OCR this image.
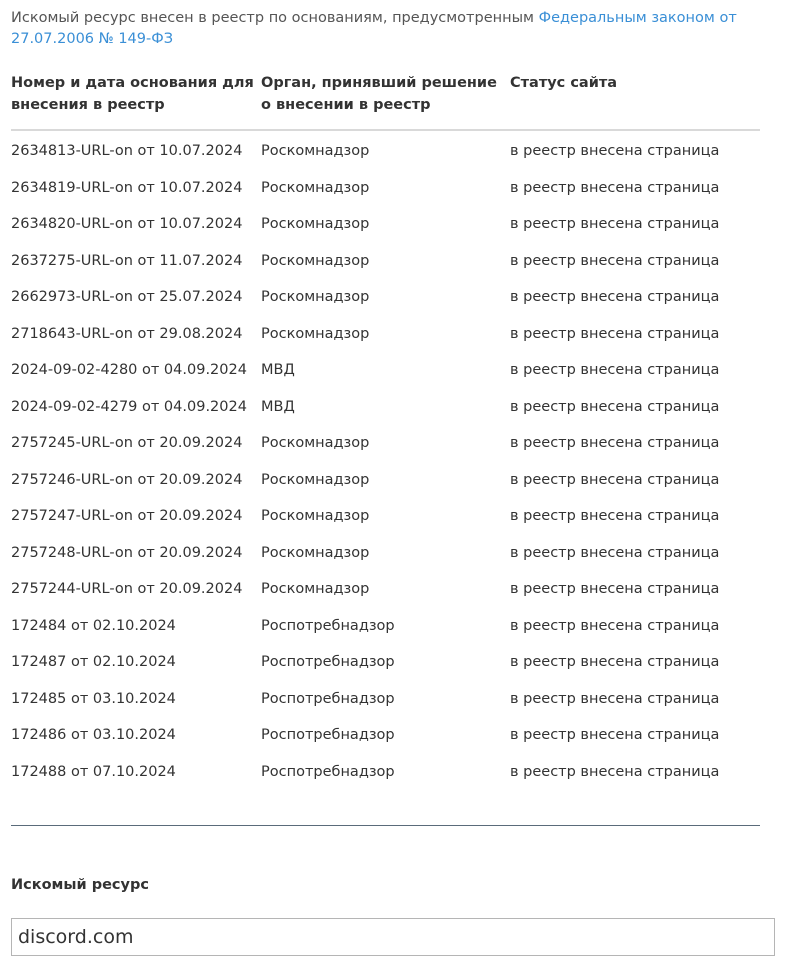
Искомый ресурс внесен в реестр по основаниям, предусмотренным Федеральным законом от 27.07.2006 № 149-ФЗ
Номер и дата основания для внесения в реестр	Орган, принявший решение о внесении в реестр	Статус сайта
2634813-URL-on от 10.07.2024	Роскомнадзор	в реестр внесена страница
2634819-URL-on от 10.07.2024	Роскомнадзор	в реестр внесена страница
2634820-URL-on от 10.07.2024	Роскомнадзор	в реестр внесена страница
2637275-URL-on от 11.07.2024	Роскомнадзор	в реестр внесена страница
2662973-URL-on от 25.07.2024	Роскомнадзор	в реестр внесена страница
2718643-URL-on от 29.08.2024	Роскомнадзор	в реестр внесена страница
2024-09-02-4280 от 04.09.2024	МВД	в реестр внесена страница
2024-09-02-4279 от 04.09.2024	МВД	в реестр внесена страница
2757245-URL-on от 20.09.2024	Роскомнадзор	в реестр внесена страница
2757246-URL-on от 20.09.2024	Роскомнадзор	в реестр внесена страница
2757247-URL-on от 20.09.2024	Роскомнадзор	в реестр внесена страница
2757248-URL-on от 20.09.2024	Роскомнадзор	в реестр внесена страница
2757244-URL-on от 20.09.2024	Роскомнадзор	в реестр внесена страница
172484 от 02.10.2024	Роспотребнадзор	в реестр внесена страница
172487 от 02.10.2024	Роспотребнадзор	в реестр внесена страница
172485 от 03.10.2024	Роспотребнадзор	в реестр внесена страница
172486 от 03.10.2024	Роспотребнадзор	в реестр внесена страница
172488 от 07.10.2024	Роспотребнадзор	в реестр внесена страница
Искомый ресурс
discord.com
